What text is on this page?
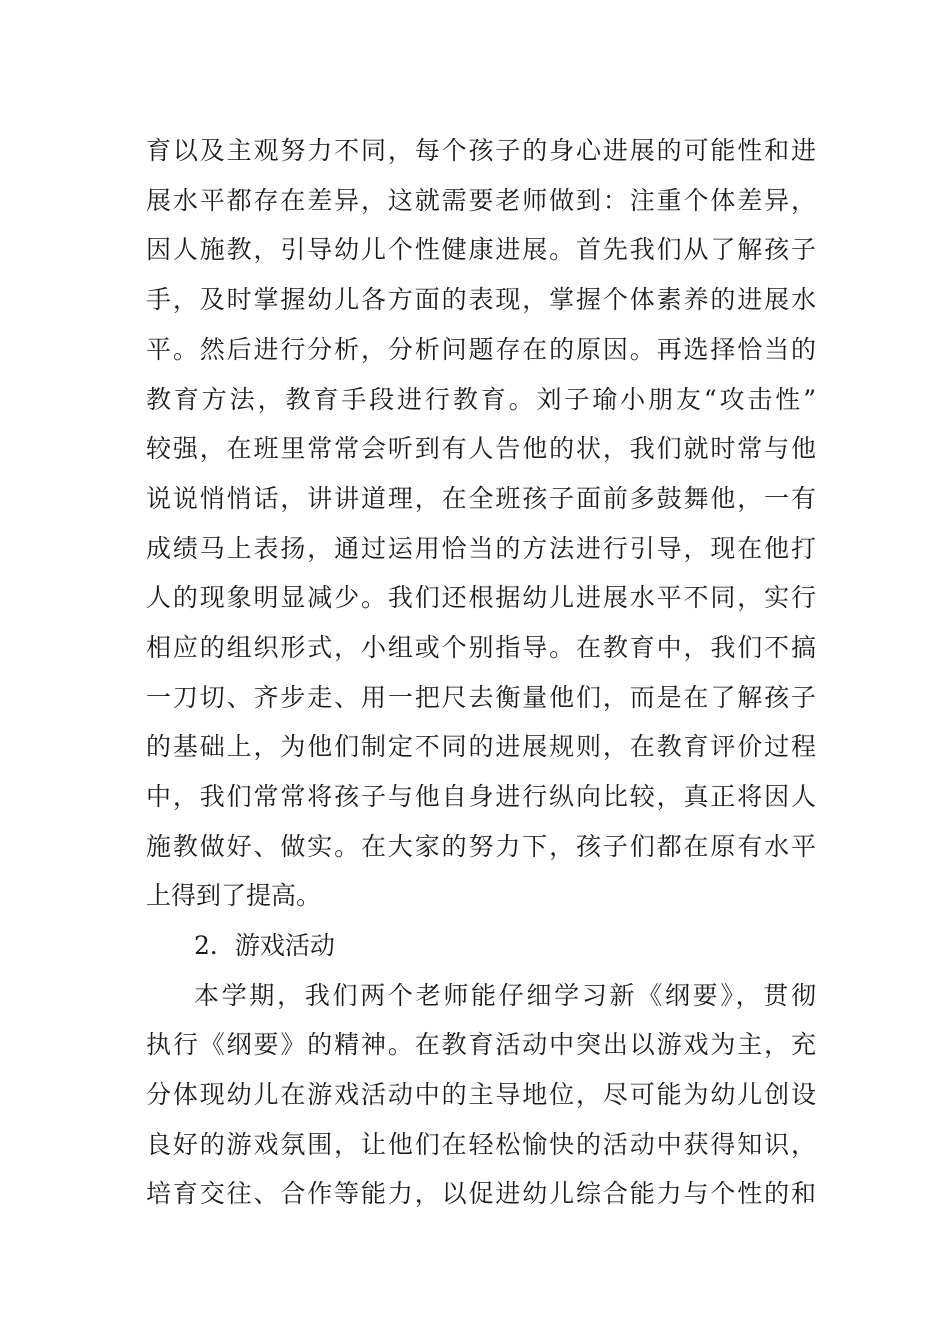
育以及主观努力不同，每个孩子的身心进展的可能性和进
展水平都存在差异，这就需要老师做到：注重个体差异，
因人施教，引导幼儿个性健康进展。首先我们从了解孩子
手，及时掌握幼儿各方面的表现，掌握个体素养的进展水
平。然后进行分析，分析问题存在的原因。再选择恰当的
教育方法，教育手段进行教育。刘子瑜小朋友“攻击性”
较强，在班里常常会听到有人告他的状，我们就时常与他
说说悄悄话，讲讲道理，在全班孩子面前多鼓舞他，一有
成绩马上表扬，通过运用恰当的方法进行引导，现在他打
人的现象明显减少。我们还根据幼儿进展水平不同，实行
相应的组织形式，小组或个别指导。在教育中，我们不搞
一刀切、齐步走、用一把尺去衡量他们，而是在了解孩子
的基础上，为他们制定不同的进展规则，在教育评价过程
中，我们常常将孩子与他自身进行纵向比较，真正将因人
施教做好、做实。在大家的努力下，孩子们都在原有水平
上得到了提高。
2．游戏活动
本学期，我们两个老师能仔细学习新《纲要》，贯彻
执行《纲要》的精神。在教育活动中突出以游戏为主，充
分体现幼儿在游戏活动中的主导地位，尽可能为幼儿创设
良好的游戏氛围，让他们在轻松愉快的活动中获得知识，
培育交往、合作等能力，以促进幼儿综合能力与个性的和
